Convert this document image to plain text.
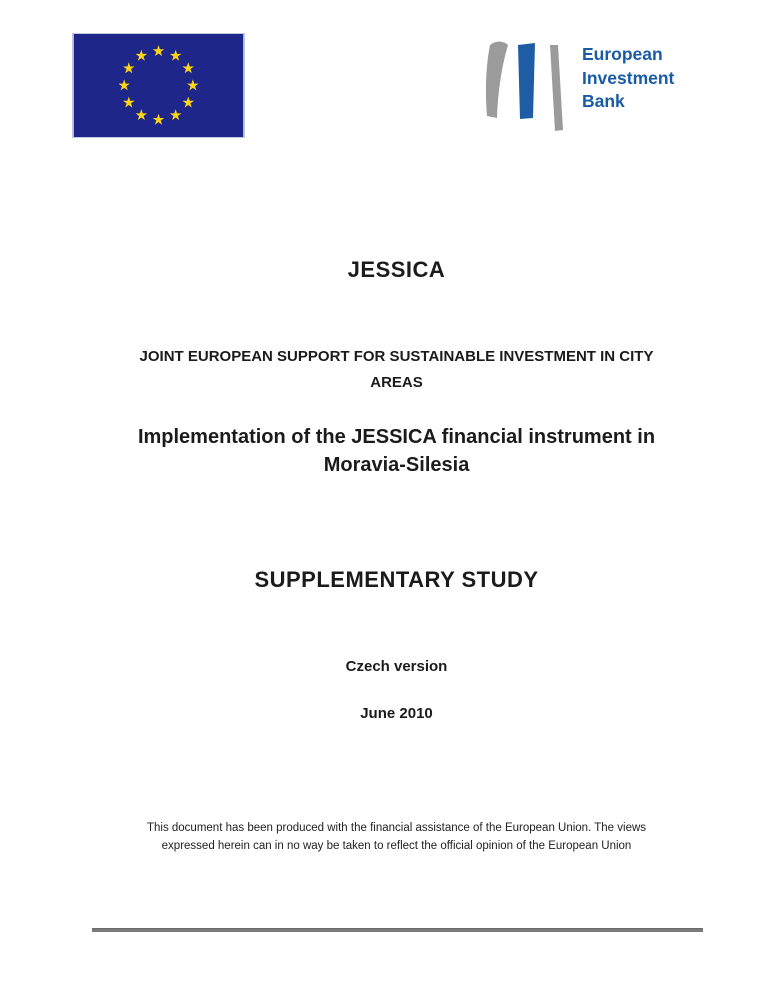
European
Investment
Bank
JESSICA
JOINT EUROPEAN SUPPORT FOR SUSTAINABLE INVESTMENT IN CITY
AREAS
Implementation of the JESSICA financial instrument in
Moravia-Silesia
SUPPLEMENTARY STUDY
Czech version
June 2010
This document has been produced with the financial assistance of the European Union. The views
expressed herein can in no way be taken to reflect the official opinion of the European Union
